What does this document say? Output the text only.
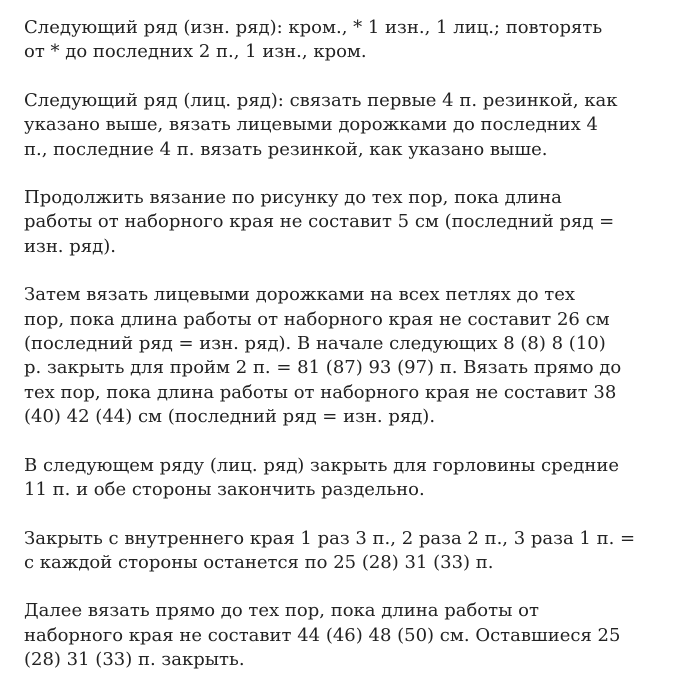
Следующий ряд (изн. ряд): кром., * 1 изн., 1 лиц.; повторять
от * до последних 2 п., 1 изн., кром.

Следующий ряд (лиц. ряд): связать первые 4 п. резинкой, как
указано выше, вязать лицевыми дорожками до последних 4
п., последние 4 п. вязать резинкой, как указано выше.

Продолжить вязание по рисунку до тех пор, пока длина
работы от наборного края не составит 5 см (последний ряд =
изн. ряд).

Затем вязать лицевыми дорожками на всех петлях до тех
пор, пока длина работы от наборного края не составит 26 см
(последний ряд = изн. ряд). В начале следующих 8 (8) 8 (10)
р. закрыть для пройм 2 п. = 81 (87) 93 (97) п. Вязать прямо до
тех пор, пока длина работы от наборного края не составит 38
(40) 42 (44) см (последний ряд = изн. ряд).

В следующем ряду (лиц. ряд) закрыть для горловины средние
11 п. и обе стороны закончить раздельно.

Закрыть с внутреннего края 1 раз 3 п., 2 раза 2 п., 3 раза 1 п. =
с каждой стороны останется по 25 (28) 31 (33) п.

Далее вязать прямо до тех пор, пока длина работы от
наборного края не составит 44 (46) 48 (50) см. Оставшиеся 25
(28) 31 (33) п. закрыть.
